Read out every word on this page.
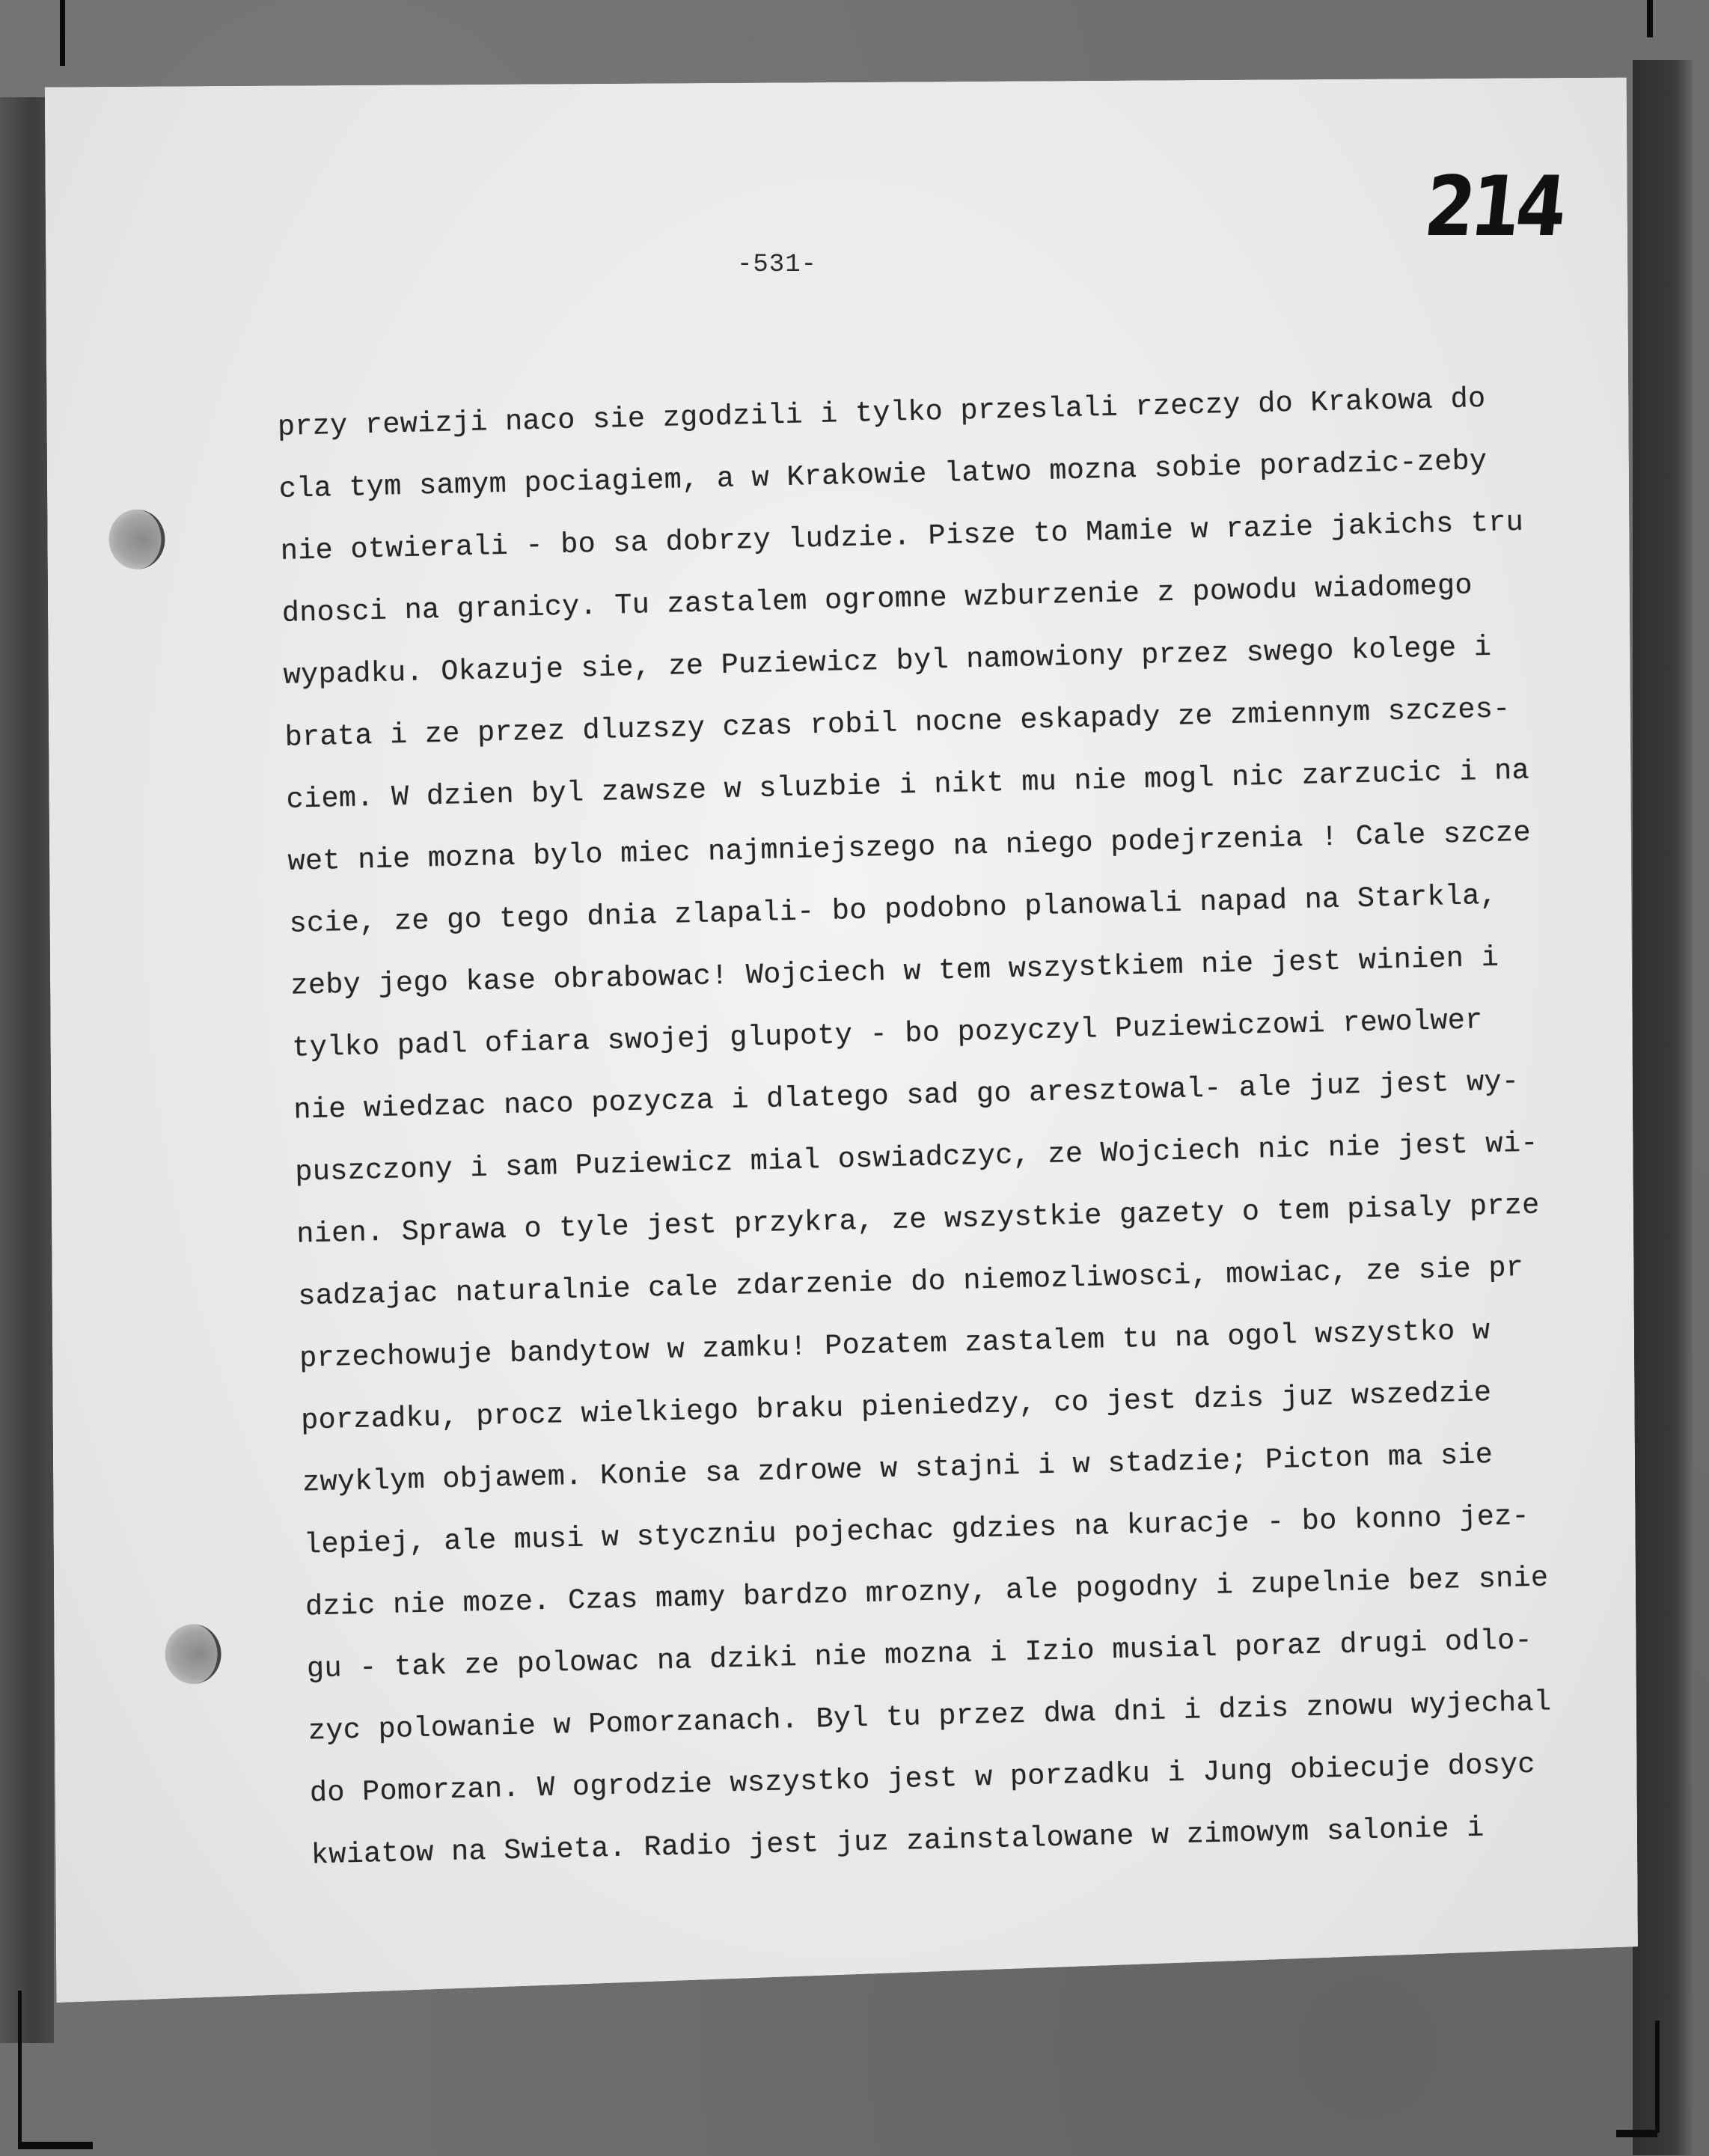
-531-
214
przy rewizji naco sie zgodzili i tylko przeslali rzeczy do Krakowa do
cla tym samym pociagiem, a w Krakowie latwo mozna sobie poradzic-zeby
nie otwierali - bo sa dobrzy ludzie. Pisze to Mamie w razie jakichs tru
dnosci na granicy. Tu zastalem ogromne wzburzenie z powodu wiadomego
wypadku. Okazuje sie, ze Puziewicz byl namowiony przez swego kolege i
brata i ze przez dluzszy czas robil nocne eskapady ze zmiennym szczes-
ciem. W dzien byl zawsze w sluzbie i nikt mu nie mogl nic zarzucic i na
wet nie mozna bylo miec najmniejszego na niego podejrzenia ! Cale szcze
scie, ze go tego dnia zlapali- bo podobno planowali napad na Starkla,
zeby jego kase obrabowac! Wojciech w tem wszystkiem nie jest winien i
tylko padl ofiara swojej glupoty - bo pozyczyl Puziewiczowi rewolwer
nie wiedzac naco pozycza i dlatego sad go aresztowal- ale juz jest wy-
puszczony i sam Puziewicz mial oswiadczyc, ze Wojciech nic nie jest wi-
nien. Sprawa o tyle jest przykra, ze wszystkie gazety o tem pisaly prze
sadzajac naturalnie cale zdarzenie do niemozliwosci, mowiac, ze sie pr
przechowuje bandytow w zamku! Pozatem zastalem tu na ogol wszystko w
porzadku, procz wielkiego braku pieniedzy, co jest dzis juz wszedzie
zwyklym objawem. Konie sa zdrowe w stajni i w stadzie; Picton ma sie
lepiej, ale musi w styczniu pojechac gdzies na kuracje - bo konno jez-
dzic nie moze. Czas mamy bardzo mrozny, ale pogodny i zupelnie bez snie
gu - tak ze polowac na dziki nie mozna i Izio musial poraz drugi odlo-
zyc polowanie w Pomorzanach. Byl tu przez dwa dni i dzis znowu wyjechal
do Pomorzan. W ogrodzie wszystko jest w porzadku i Jung obiecuje dosyc
kwiatow na Swieta. Radio jest juz zainstalowane w zimowym salonie i
